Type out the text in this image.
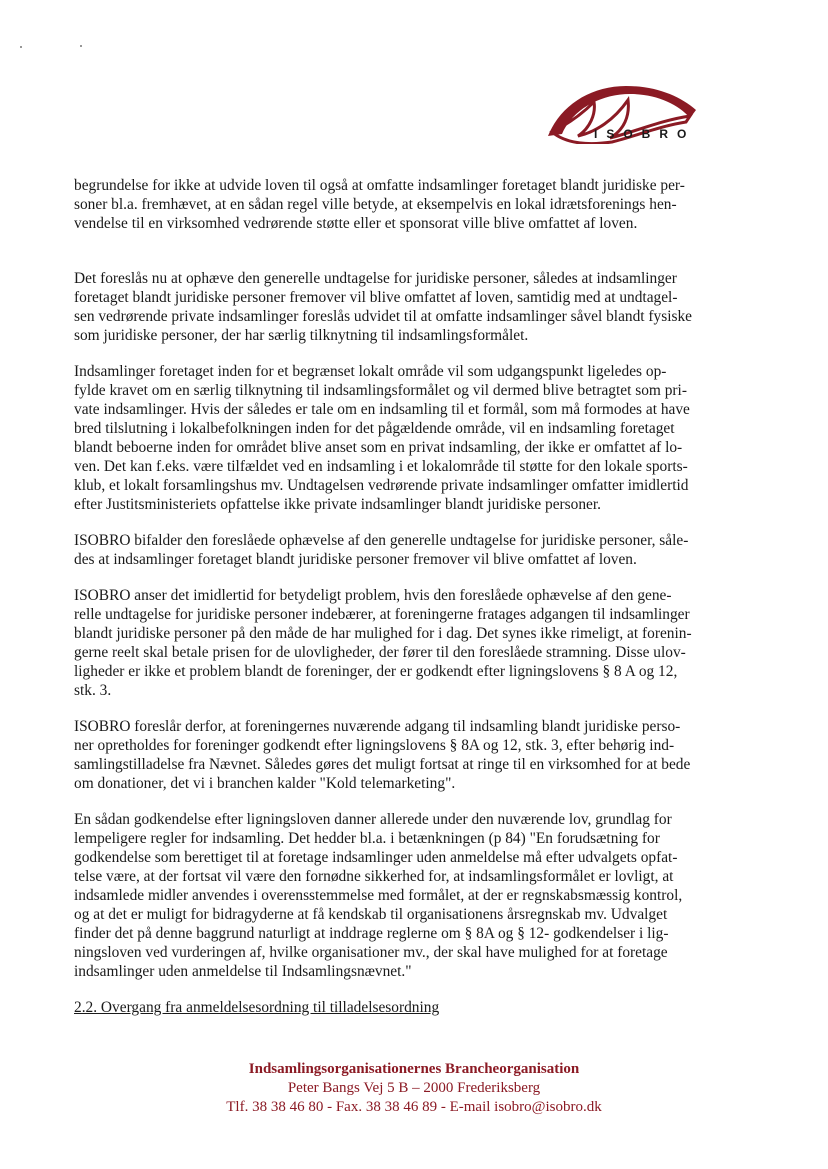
ISOBRO

begrundelse for ikke at udvide loven til også at omfatte indsamlinger foretaget blandt juridiske per-
soner bl.a. fremhævet, at en sådan regel ville betyde, at eksempelvis en lokal idrætsforenings hen-
vendelse til en virksomhed vedrørende støtte eller et sponsorat ville blive omfattet af loven.

Det foreslås nu at ophæve den generelle undtagelse for juridiske personer, således at indsamlinger
foretaget blandt juridiske personer fremover vil blive omfattet af loven, samtidig med at undtagel-
sen vedrørende private indsamlinger foreslås udvidet til at omfatte indsamlinger såvel blandt fysiske
som juridiske personer, der har særlig tilknytning til indsamlingsformålet.

Indsamlinger foretaget inden for et begrænset lokalt område vil som udgangspunkt ligeledes op-
fylde kravet om en særlig tilknytning til indsamlingsformålet og vil dermed blive betragtet som pri-
vate indsamlinger. Hvis der således er tale om en indsamling til et formål, som må formodes at have
bred tilslutning i lokalbefolkningen inden for det pågældende område, vil en indsamling foretaget
blandt beboerne inden for området blive anset som en privat indsamling, der ikke er omfattet af lo-
ven. Det kan f.eks. være tilfældet ved en indsamling i et lokalområde til støtte for den lokale sports-
klub, et lokalt forsamlingshus mv. Undtagelsen vedrørende private indsamlinger omfatter imidlertid
efter Justitsministeriets opfattelse ikke private indsamlinger blandt juridiske personer.

ISOBRO bifalder den foreslåede ophævelse af den generelle undtagelse for juridiske personer, såle-
des at indsamlinger foretaget blandt juridiske personer fremover vil blive omfattet af loven.

ISOBRO anser det imidlertid for betydeligt problem, hvis den foreslåede ophævelse af den gene-
relle undtagelse for juridiske personer indebærer, at foreningerne fratages adgangen til indsamlinger
blandt juridiske personer på den måde de har mulighed for i dag. Det synes ikke rimeligt, at forenin-
gerne reelt skal betale prisen for de ulovligheder, der fører til den foreslåede stramning. Disse ulov-
ligheder er ikke et problem blandt de foreninger, der er godkendt efter ligningslovens § 8 A og 12,
stk. 3.

ISOBRO foreslår derfor, at foreningernes nuværende adgang til indsamling blandt juridiske perso-
ner opretholdes for foreninger godkendt efter ligningslovens § 8A og 12, stk. 3, efter behørig ind-
samlingstilladelse fra Nævnet. Således gøres det muligt fortsat at ringe til en virksomhed for at bede
om donationer, det vi i branchen kalder "Kold telemarketing".

En sådan godkendelse efter ligningsloven danner allerede under den nuværende lov, grundlag for
lempeligere regler for indsamling. Det hedder bl.a. i betænkningen (p 84) "En forudsætning for
godkendelse som berettiget til at foretage indsamlinger uden anmeldelse må efter udvalgets opfat-
telse være, at der fortsat vil være den fornødne sikkerhed for, at indsamlingsformålet er lovligt, at
indsamlede midler anvendes i overensstemmelse med formålet, at der er regnskabsmæssig kontrol,
og at det er muligt for bidragyderne at få kendskab til organisationens årsregnskab mv. Udvalget
finder det på denne baggrund naturligt at inddrage reglerne om § 8A og § 12- godkendelser i lig-
ningsloven ved vurderingen af, hvilke organisationer mv., der skal have mulighed for at foretage
indsamlinger uden anmeldelse til Indsamlingsnævnet."

2.2. Overgang fra anmeldelsesordning til tilladelsesordning

Indsamlingsorganisationernes Brancheorganisation
Peter Bangs Vej 5 B – 2000 Frederiksberg
Tlf. 38 38 46 80 - Fax. 38 38 46 89 - E-mail isobro@isobro.dk
